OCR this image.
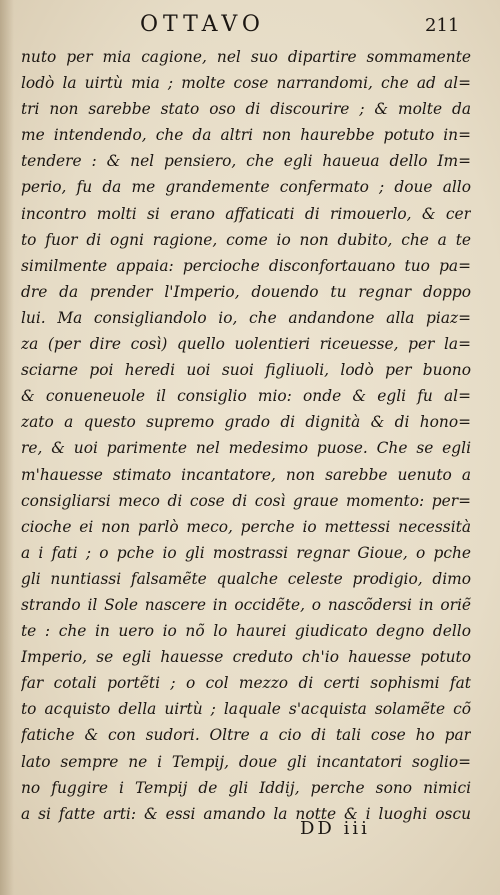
OTTAVO	211
nuto per mia cagione, nel suo dipartire sommamente
lodò la uirtù mia ; molte cose narrandomi, che ad al=
tri non sarebbe stato oso di discourire ; & molte da
me intendendo, che da altri non haurebbe potuto in=
tendere : & nel pensiero, che egli haueua dello Im=
perio, fu da me grandemente confermato ; doue allo
incontro molti si erano affaticati di rimouerlo, & cer
to fuor di ogni ragione, come io non dubito, che a te
similmente appaia: percioche disconfortauano tuo pa=
dre da prender l'Imperio, douendo tu regnar doppo
lui. Ma consigliandolo io, che andandone alla piaz=
za (per dire così) quello uolentieri riceuesse, per la=
sciarne poi heredi uoi suoi figliuoli, lodò per buono
& conueneuole il consiglio mio: onde & egli fu al=
zato a questo supremo grado di dignità & di hono=
re, & uoi parimente nel medesimo puose. Che se egli
m'hauesse stimato incantatore, non sarebbe uenuto a
consigliarsi meco di cose di così graue momento: per=
cioche ei non parlò meco, perche io mettessi necessità
a i fati ; o pche io gli mostrassi regnar Gioue, o pche
gli nuntiassi falsamẽte qualche celeste prodigio, dimo
strando il Sole nascere in occidẽte, o nascõdersi in oriẽ
te : che in uero io nõ lo haurei giudicato degno dello
Imperio, se egli hauesse creduto ch'io hauesse potuto
far cotali portẽti ; o col mezzo di certi sophismi fat
to acquisto della uirtù ; laquale s'acquista solamẽte cõ
fatiche & con sudori. Oltre a cio di tali cose ho par
lato sempre ne i Tempij, doue gli incantatori soglio=
no fuggire i Tempij de gli Iddij, perche sono nimici
a si fatte arti: & essi amando la notte & i luoghi oscu
DD iii
